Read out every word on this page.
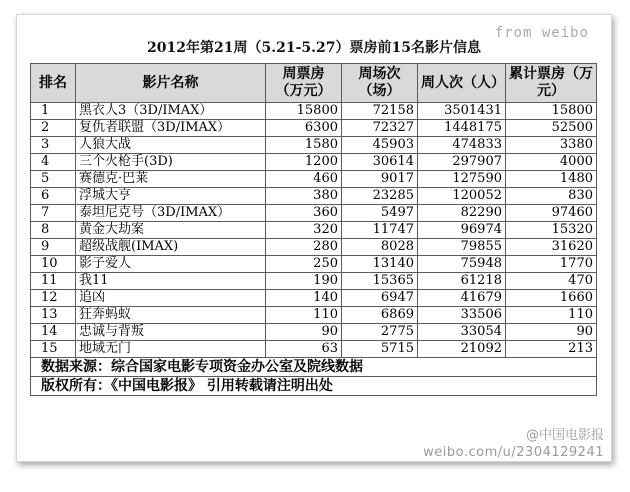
from weibo
2012年第21周（5.21-5.27）票房前15名影片信息
排名	影片名称	周票房（万元）	周场次（场）	周人次（人）	累计票房（万元）
1	黑衣人3（3D/IMAX）	15800	72158	3501431	15800
2	复仇者联盟（3D/IMAX）	6300	72327	1448175	52500
3	人狼大战	1580	45903	474833	3380
4	三个火枪手(3D)	1200	30614	297907	4000
5	赛德克·巴莱	460	9017	127590	1480
6	浮城大亨	380	23285	120052	830
7	泰坦尼克号（3D/IMAX）	360	5497	82290	97460
8	黄金大劫案	320	11747	96974	15320
9	超级战舰(IMAX)	280	8028	79855	31620
10	影子爱人	250	13140	75948	1770
11	我11	190	15365	61218	470
12	追凶	140	6947	41679	1660
13	狂奔蚂蚁	110	6869	33506	110
14	忠诚与背叛	90	2775	33054	90
15	地域无门	63	5715	21092	213
数据来源：综合国家电影专项资金办公室及院线数据					
版权所有：《中国电影报》 引用转载请注明出处					
@中国电影报
weibo.com/u/2304129241
